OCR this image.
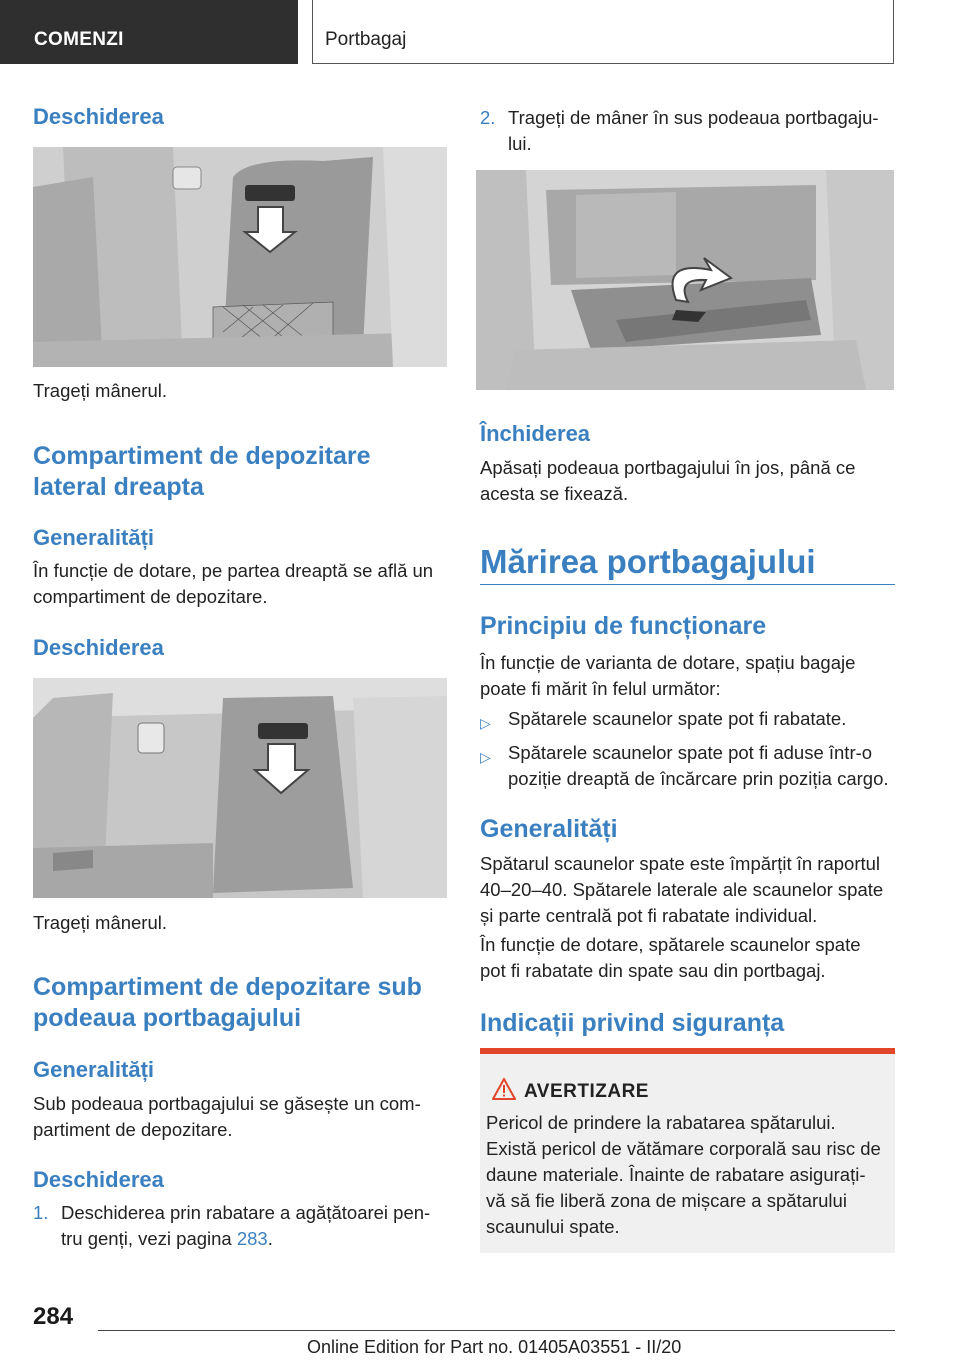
COMENZI	Portbagaj
Deschiderea
Trageți mânerul.
Compartiment de depozitare
lateral dreapta
Generalități
În funcție de dotare, pe partea dreaptă se află un
compartiment de depozitare.
Deschiderea
Trageți mânerul.
Compartiment de depozitare sub
podeaua portbagajului
Generalități
Sub podeaua portbagajului se găsește un com‐
partiment de depozitare.
Deschiderea
1. Deschiderea prin rabatare a agățătoarei pen‐
tru genți, vezi pagina 283.
2. Trageți de mâner în sus podeaua portbagaju‐
lui.
Închiderea
Apăsați podeaua portbagajului în jos, până ce
acesta se fixează.
Mărirea portbagajului
Principiu de funcționare
În funcție de varianta de dotare, spațiu bagaje
poate fi mărit în felul următor:
▷ Spătarele scaunelor spate pot fi rabatate.
▷ Spătarele scaunelor spate pot fi aduse într-o
poziție dreaptă de încărcare prin poziția cargo.
Generalități
Spătarul scaunelor spate este împărțit în raportul
40–20–40. Spătarele laterale ale scaunelor spate
și parte centrală pot fi rabatate individual.
În funcție de dotare, spătarele scaunelor spate
pot fi rabatate din spate sau din portbagaj.
Indicații privind siguranța
AVERTIZARE
Pericol de prindere la rabatarea spătarului.
Există pericol de vătămare corporală sau risc de
daune materiale. Înainte de rabatare asigurați-
vă să fie liberă zona de mișcare a spătarului
scaunului spate.
284
Online Edition for Part no. 01405A03551 - II/20
